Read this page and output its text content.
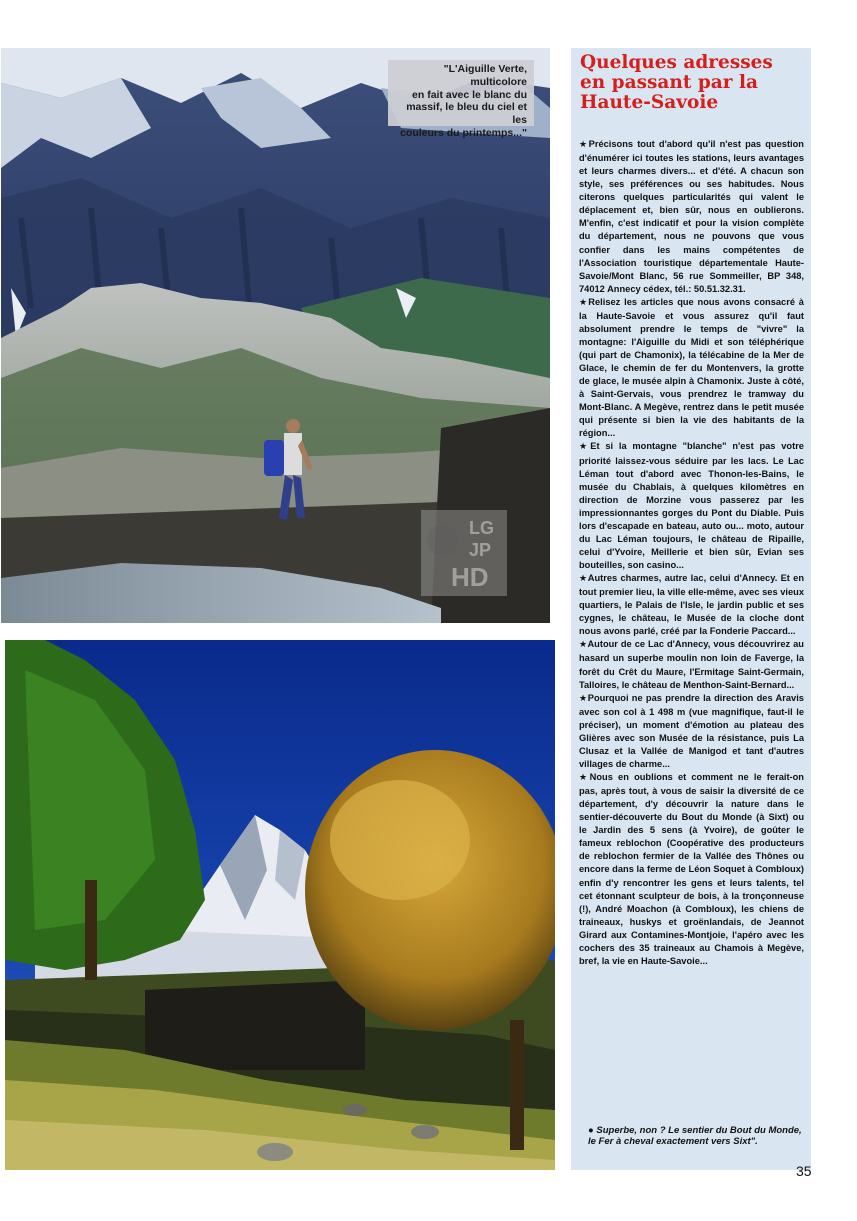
"L'Aiguille Verte, multicolore
en fait avec le blanc du
massif, le bleu du ciel et les
couleurs du printemps..."
LG
JP
HD
Quelques adresses
en passant par la
Haute-Savoie

★Précisons tout d'abord qu'il n'est pas question d'énumérer ici toutes les stations, leurs avantages et leurs charmes divers... et d'été. A chacun son style, ses préférences ou ses habitudes. Nous citerons quelques particularités qui valent le déplacement et, bien sûr, nous en oublierons. M'enfin, c'est indicatif et pour la vision complète du département, nous ne pouvons que vous confier dans les mains compétentes de l'Association touristique départementale Haute-Savoie/Mont Blanc, 56 rue Sommeiller, BP 348, 74012 Annecy cédex, tél.: 50.51.32.31.

★Relisez les articles que nous avons consacré à la Haute-Savoie et vous assurez qu'il faut absolument prendre le temps de "vivre" la montagne: l'Aiguille du Midi et son téléphérique (qui part de Chamonix), la télécabine de la Mer de Glace, le chemin de fer du Montenvers, la grotte de glace, le musée alpin à Chamonix. Juste à côté, à Saint-Gervais, vous prendrez le tramway du Mont-Blanc. A Megève, rentrez dans le petit musée qui présente si bien la vie des habitants de la région...

★Et si la montagne "blanche" n'est pas votre priorité laissez-vous séduire par les lacs. Le Lac Léman tout d'abord avec Thonon-les-Bains, le musée du Chablais, à quelques kilomètres en direction de Morzine vous passerez par les impressionnantes gorges du Pont du Diable. Puis lors d'escapade en bateau, auto ou... moto, autour du Lac Léman toujours, le château de Ripaille, celui d'Yvoire, Meillerie et bien sûr, Evian ses bouteilles, son casino...

★Autres charmes, autre lac, celui d'Annecy. Et en tout premier lieu, la ville elle-même, avec ses vieux quartiers, le Palais de l'Isle, le jardin public et ses cygnes, le château, le Musée de la cloche dont nous avons parlé, créé par la Fonderie Paccard...

★Autour de ce Lac d'Annecy, vous découvrirez au hasard un superbe moulin non loin de Faverge, la forêt du Crêt du Maure, l'Ermitage Saint-Germain, Talloires, le château de Menthon-Saint-Bernard...

★Pourquoi ne pas prendre la direction des Aravis avec son col à 1 498 m (vue magnifique, faut-il le préciser), un moment d'émotion au plateau des Glières avec son Musée de la résistance, puis La Clusaz et la Vallée de Manigod et tant d'autres villages de charme...

★Nous en oublions et comment ne le ferait-on pas, après tout, à vous de saisir la diversité de ce département, d'y découvrir la nature dans le sentier-découverte du Bout du Monde (à Sixt) ou le Jardin des 5 sens (à Yvoire), de goûter le fameux reblochon (Coopérative des producteurs de reblochon fermier de la Vallée des Thônes ou encore dans la ferme de Léon Soquet à Combloux) enfin d'y rencontrer les gens et leurs talents, tel cet étonnant sculpteur de bois, à la tronçonneuse (!), André Moachon (à Combloux), les chiens de traineaux, huskys et groënlandais, de Jeannot Girard aux Contamines-Montjoie, l'apéro avec les cochers des 35 traineaux au Chamois à Megève, bref, la vie en Haute-Savoie...

● Superbe, non ? Le sentier du Bout du Monde, le Fer à cheval exactement vers Sixt".
35
